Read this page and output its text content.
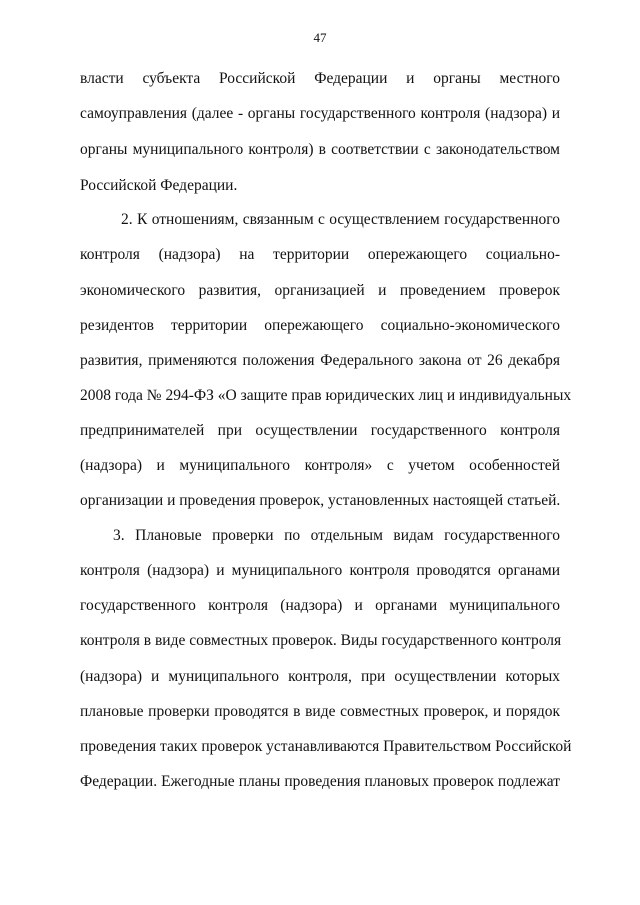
47
власти субъекта Российской Федерации и органы местного
самоуправления (далее - органы государственного контроля (надзора) и
органы муниципального контроля) в соответствии с законодательством
Российской Федерации.
2. К отношениям, связанным с осуществлением государственного
контроля (надзора) на территории опережающего социально-
экономического развития, организацией и проведением проверок
резидентов территории опережающего социально-экономического
развития, применяются положения Федерального закона от 26 декабря
2008 года № 294-ФЗ «О защите прав юридических лиц и индивидуальных
предпринимателей при осуществлении государственного контроля
(надзора) и муниципального контроля» с учетом особенностей
организации и проведения проверок, установленных настоящей статьей.
3. Плановые проверки по отдельным видам государственного
контроля (надзора) и муниципального контроля проводятся органами
государственного контроля (надзора) и органами муниципального
контроля в виде совместных проверок. Виды государственного контроля
(надзора) и муниципального контроля, при осуществлении которых
плановые проверки проводятся в виде совместных проверок, и порядок
проведения таких проверок устанавливаются Правительством Российской
Федерации. Ежегодные планы проведения плановых проверок подлежат
